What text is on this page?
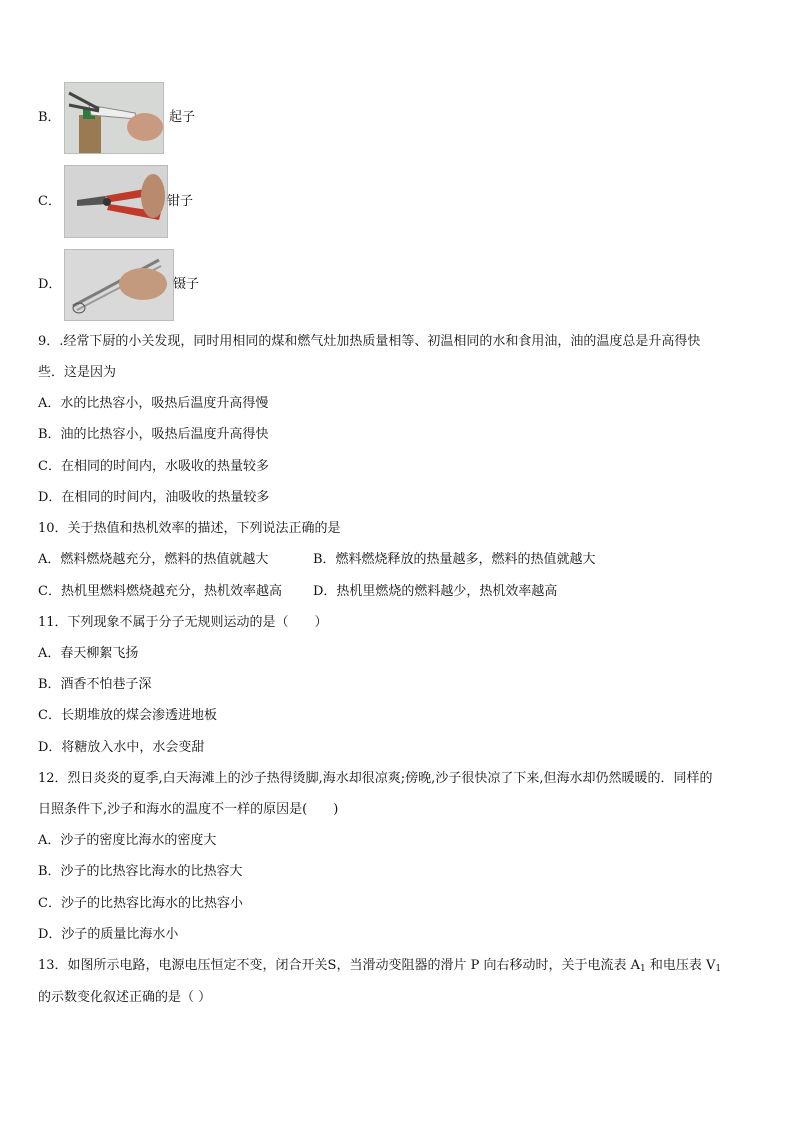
B．	起子
C．	钳子
D．	镊子
9．.经常下厨的小关发现，同时用相同的煤和燃气灶加热质量相等、初温相同的水和食用油，油的温度总是升高得快
些．这是因为
A．水的比热容小，吸热后温度升高得慢
B．油的比热容小，吸热后温度升高得快
C．在相同的时间内，水吸收的热量较多
D．在相同的时间内，油吸收的热量较多
10．关于热值和热机效率的描述，下列说法正确的是
A．燃料燃烧越充分，燃料的热值就越大	B．燃料燃烧释放的热量越多，燃料的热值就越大
C．热机里燃料燃烧越充分，热机效率越高 D．热机里燃烧的燃料越少，热机效率越高
11．下列现象不属于分子无规则运动的是（　　）
A．春天柳絮飞扬
B．酒香不怕巷子深
C．长期堆放的煤会渗透进地板
D．将糖放入水中，水会变甜
12．烈日炎炎的夏季,白天海滩上的沙子热得烫脚,海水却很凉爽;傍晚,沙子很快凉了下来,但海水却仍然暖暖的．同样的
日照条件下,沙子和海水的温度不一样的原因是(　　)
A．沙子的密度比海水的密度大
B．沙子的比热容比海水的比热容大
C．沙子的比热容比海水的比热容小
D．沙子的质量比海水小
13．如图所示电路，电源电压恒定不变，闭合开关S，当滑动变阻器的滑片 P 向右移动时，关于电流表 $A_1$ 和电压表 $V_1$
的示数变化叙述正确的是（ ）
